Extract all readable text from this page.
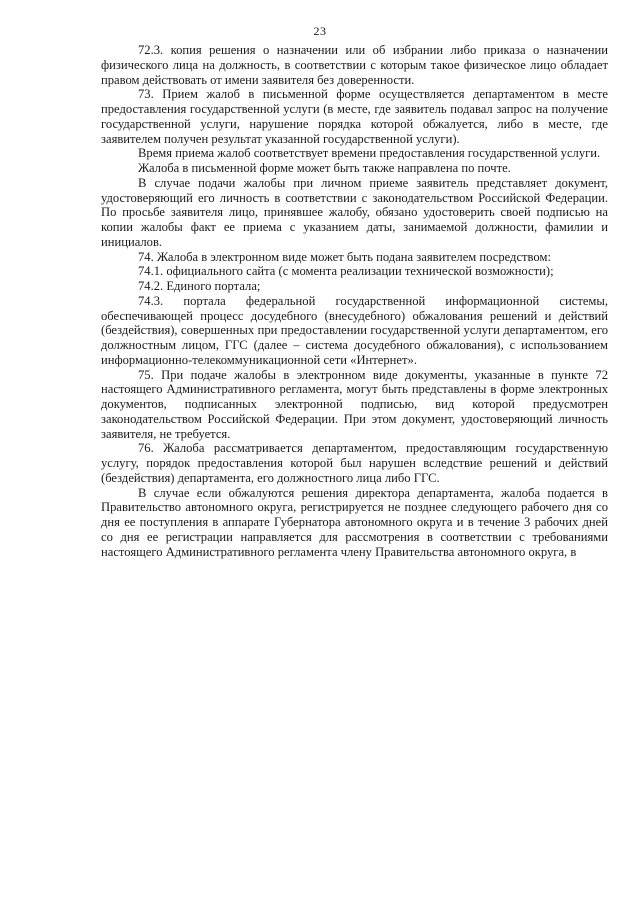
23

72.3. копия решения о назначении или об избрании либо приказа о назначении физического лица на должность, в соответствии с которым такое физическое лицо обладает правом действовать от имени заявителя без доверенности.

73. Прием жалоб в письменной форме осуществляется департаментом в месте предоставления государственной услуги (в месте, где заявитель подавал запрос на получение государственной услуги, нарушение порядка которой обжалуется, либо в месте, где заявителем получен результат указанной государственной услуги).

Время приема жалоб соответствует времени предоставления государственной услуги.

Жалоба в письменной форме может быть также направлена по почте.

В случае подачи жалобы при личном приеме заявитель представляет документ, удостоверяющий его личность в соответствии с законодательством Российской Федерации. По просьбе заявителя лицо, принявшее жалобу, обязано удостоверить своей подписью на копии жалобы факт ее приема с указанием даты, занимаемой должности, фамилии и инициалов.

74. Жалоба в электронном виде может быть подана заявителем посредством:

74.1. официального сайта (с момента реализации технической возможности);

74.2. Единого портала;

74.3. портала федеральной государственной информационной системы, обеспечивающей процесс досудебного (внесудебного) обжалования решений и действий (бездействия), совершенных при предоставлении государственной услуги департаментом, его должностным лицом, ГГС (далее – система досудебного обжалования), с использованием информационно-телекоммуникационной сети «Интернет».

75. При подаче жалобы в электронном виде документы, указанные в пункте 72 настоящего Административного регламента, могут быть представлены в форме электронных документов, подписанных электронной подписью, вид которой предусмотрен законодательством Российской Федерации. При этом документ, удостоверяющий личность заявителя, не требуется.

76. Жалоба рассматривается департаментом, предоставляющим государственную услугу, порядок предоставления которой был нарушен вследствие решений и действий (бездействия) департамента, его должностного лица либо ГГС.

В случае если обжалуются решения директора департамента, жалоба подается в Правительство автономного округа, регистрируется не позднее следующего рабочего дня со дня ее поступления в аппарате Губернатора автономного округа и в течение 3 рабочих дней со дня ее регистрации направляется для рассмотрения в соответствии с требованиями настоящего Административного регламента члену Правительства автономного округа, в
